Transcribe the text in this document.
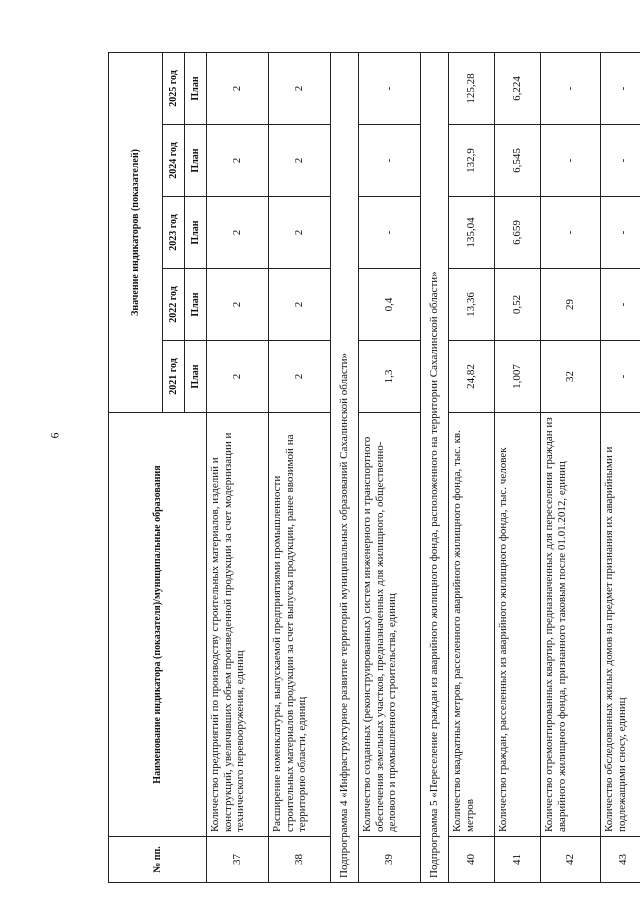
6
№ пп.	Наименование индикатора (показателя)/муниципальные образования	Значение индикаторов (показателей)				
		2021 год	2022 год	2023 год	2024 год	2025 год
		План	План	План	План	План
37	Количество предприятий по производству строительных материалов, изделий и конструкций, увеличивших объем произведенной продукции за счет модернизации и технического перевооружения, единиц	2	2	2	2	2
38	Расширение номенклатуры, выпускаемой предприятиями промышленности строительных материалов продукции за счет выпуска продукции, ранее ввозимой на территорию области, единиц	2	2	2	2	2
Подпрограмма 4 «Инфраструктурное развитие территорий муниципальных образований Сахалинской области»						
39	Количество созданных (реконструированных) систем инженерного и транспортного обеспечения земельных участков, предназначенных для жилищного, общественно-делового и промышленного строительства, единиц	1,3	0,4	-	-	-
Подпрограмма 5 «Переселение граждан из аварийного жилищного фонда, расположенного на территории Сахалинской области»						
40	Количество квадратных метров, расселенного аварийного жилищного фонда, тыс. кв. метров	24,82	13,36	135,04	132,9	125,28
41	Количество граждан, расселенных из аварийного жилищного фонда, тыс. человек	1,007	0,52	6,659	6,545	6,224
42	Количество отремонтированных квартир, предназначенных для переселения граждан из аварийного жилищного фонда, признанного таковым после 01.01.2012, единиц	32	29	-	-	-
43	Количество обследованных жилых домов на предмет признания их аварийными и подлежащими сносу, единиц	-	-	-	-	-
